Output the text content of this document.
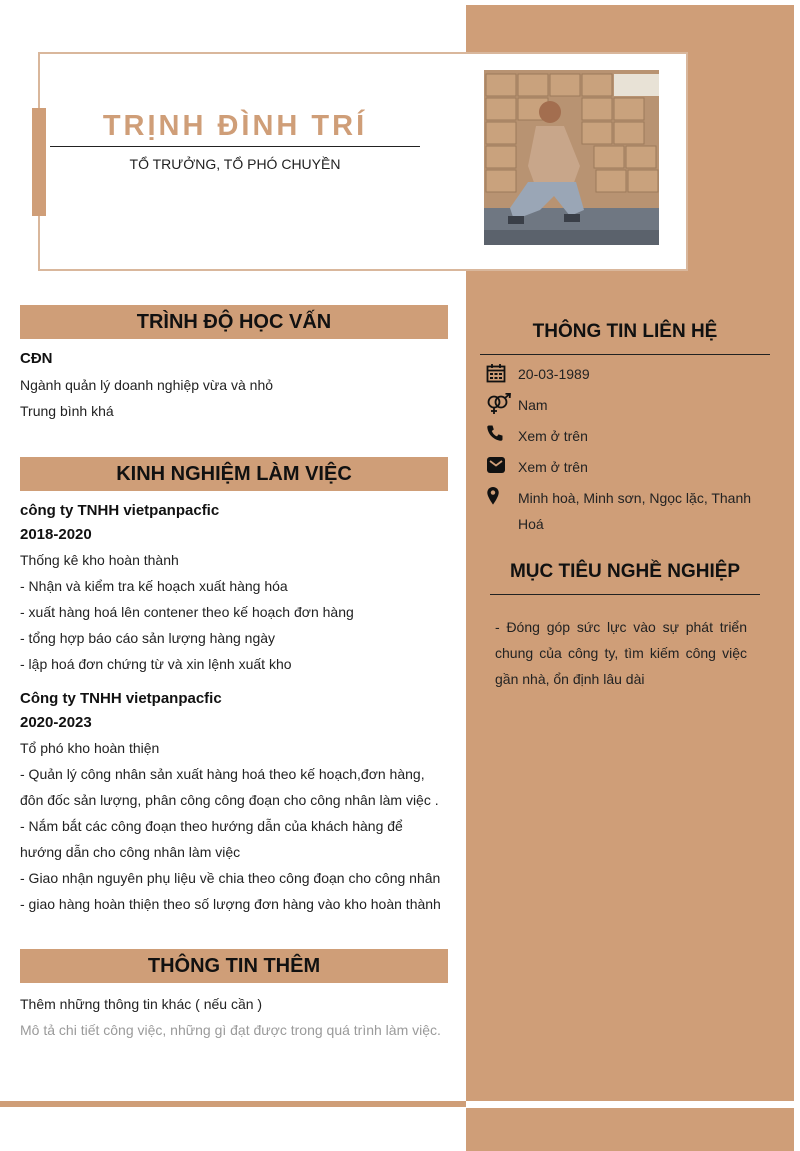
TRỊNH ĐÌNH TRÍ
TỔ TRƯỞNG, TỔ PHÓ CHUYỀN
TRÌNH ĐỘ HỌC VẤN
CĐN
Ngành quản lý doanh nghiệp vừa và nhỏ
Trung bình khá
KINH NGHIỆM LÀM VIỆC
công ty TNHH vietpanpacfic
2018-2020
Thống kê kho hoàn thành
- Nhận và kiểm tra kế hoạch xuất hàng hóa
- xuất hàng hoá lên contener theo kế hoạch đơn hàng
- tổng hợp báo cáo sản lượng hàng ngày
- lập hoá đơn chứng từ và xin lệnh xuất kho
Công ty TNHH vietpanpacfic
2020-2023
Tổ phó kho hoàn thiện
- Quản lý công nhân sản xuất hàng hoá theo kế hoạch,đơn hàng, đôn đốc sản lượng, phân công công đoạn cho công nhân làm việc .
- Nắm bắt các công đoạn theo hướng dẫn của khách hàng để hướng dẫn cho công nhân làm việc
- Giao nhận nguyên phụ liệu về chia theo công đoạn cho công nhân
- giao hàng hoàn thiện theo số lượng đơn hàng vào kho hoàn thành
THÔNG TIN THÊM
Thêm những thông tin khác ( nếu cần )
Mô tả chi tiết công việc, những gì đạt được trong quá trình làm việc.
THÔNG TIN LIÊN HỆ
20-03-1989
Nam
Xem ở trên
Xem ở trên
Minh hoà, Minh sơn, Ngọc lặc, Thanh Hoá
MỤC TIÊU NGHỀ NGHIỆP
- Đóng góp sức lực vào sự phát triển chung của công ty, tìm kiếm công việc gần nhà, ổn định lâu dài
